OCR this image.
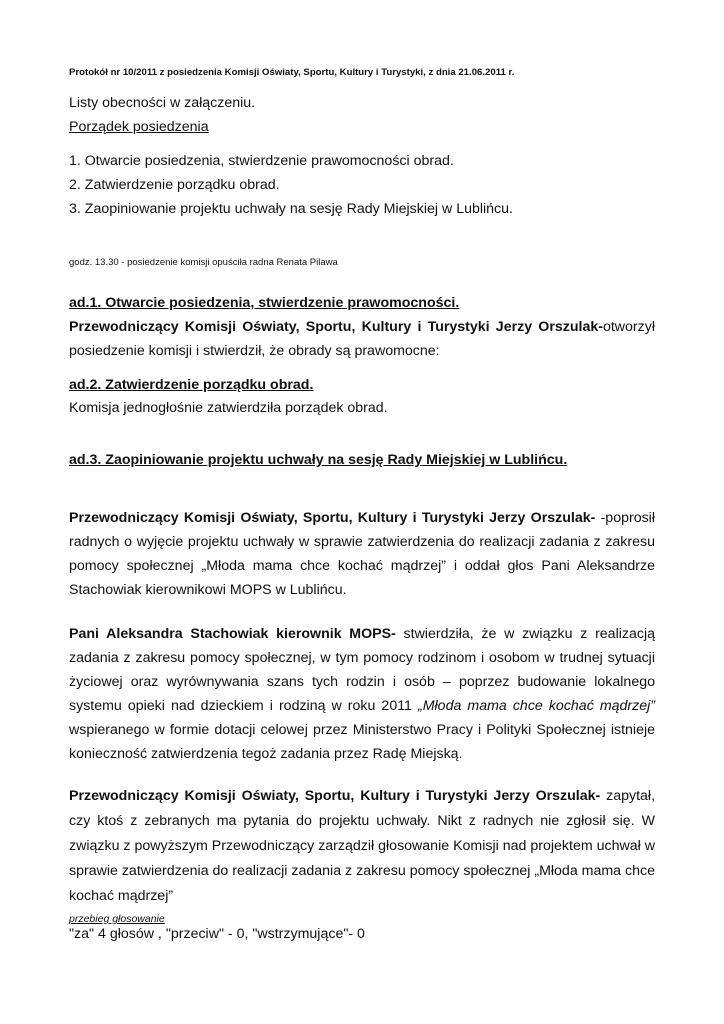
Protokół nr 10/2011 z posiedzenia Komisji Oświaty, Sportu, Kultury i Turystyki, z dnia 21.06.2011 r.
Listy obecności w załączeniu.
Porządek posiedzenia
1. Otwarcie posiedzenia, stwierdzenie prawomocności obrad.
2. Zatwierdzenie porządku obrad.
3. Zaopiniowanie projektu uchwały na sesję Rady Miejskiej w Lublińcu.
godz. 13.30 - posiedzenie komisji opuściła radna Renata Pilawa
ad.1. Otwarcie posiedzenia, stwierdzenie prawomocności.
Przewodniczący Komisji Oświaty, Sportu, Kultury i Turystyki Jerzy Orszulak-otworzył posiedzenie komisji i stwierdził, że obrady są prawomocne:
ad.2. Zatwierdzenie porządku obrad.
Komisja jednogłośnie zatwierdziła porządek obrad.
ad.3. Zaopiniowanie projektu uchwały na sesję Rady Miejskiej w Lublińcu.
Przewodniczący Komisji Oświaty, Sportu, Kultury i Turystyki Jerzy Orszulak- -poprosił radnych o wyjęcie projektu uchwały w sprawie zatwierdzenia do realizacji zadania z zakresu pomocy społecznej „Młoda mama chce kochać mądrzej” i oddał głos Pani Aleksandrze Stachowiak kierownikowi MOPS w Lublińcu.
Pani Aleksandra Stachowiak kierownik MOPS- stwierdziła, że w związku z realizacją zadania z zakresu pomocy społecznej, w tym pomocy rodzinom i osobom w trudnej sytuacji życiowej oraz wyrównywania szans tych rodzin i osób – poprzez budowanie lokalnego systemu opieki nad dzieckiem i rodziną w roku 2011 „Młoda mama chce kochać mądrzej” wspieranego w formie dotacji celowej przez Ministerstwo Pracy i Polityki Społecznej istnieje konieczność zatwierdzenia tegoż zadania przez Radę Miejską.
Przewodniczący Komisji Oświaty, Sportu, Kultury i Turystyki Jerzy Orszulak- zapytał, czy ktoś z zebranych ma pytania do projektu uchwały. Nikt z radnych nie zgłosił się. W związku z powyższym Przewodniczący zarządził głosowanie Komisji nad projektem uchwał w sprawie zatwierdzenia do realizacji zadania z zakresu pomocy społecznej „Młoda mama chce kochać mądrzej”
przebieg głosowanie
"za" 4 głosów , "przeciw" - 0, "wstrzymujące"- 0
